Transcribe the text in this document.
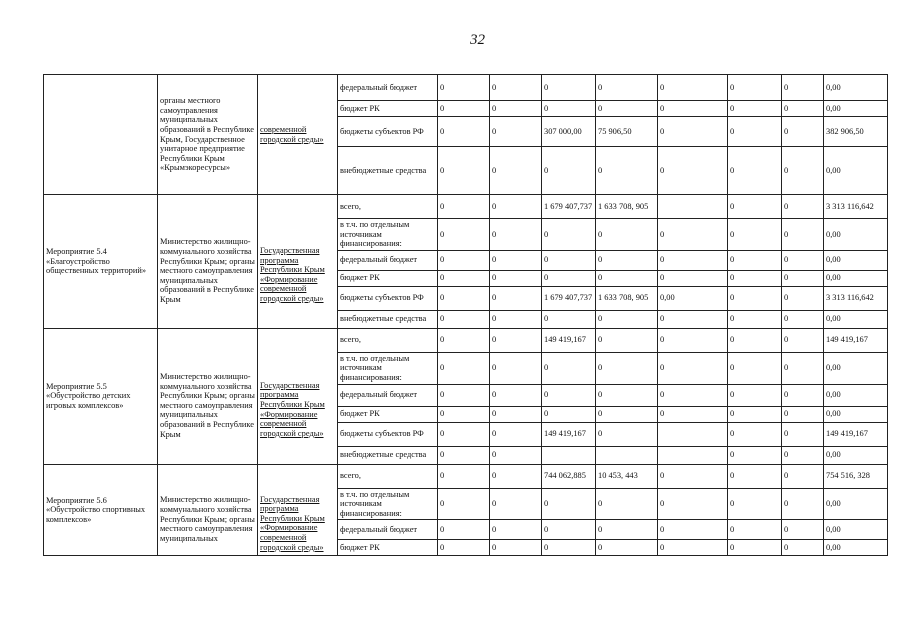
32
	органы местного самоуправления муниципальных образований в Республике Крым, Государственное унитарное предприятие Республики Крым «Крымэкоресурсы»	современной городской среды»	федеральный бюджет	0	0	0	0	0	0	0	0,00
			бюджет РК	0	0	0	0	0	0	0	0,00
			бюджеты субъектов РФ	0	0	307 000,00	75 906,50	0	0	0	382 906,50
			внебюджетные средства	0	0	0	0	0	0	0	0,00
Мероприятие 5.4 «Благоустройство общественных территорий»	Министерство жилищно-коммунального хозяйства Республики Крым; органы местного самоуправления муниципальных образований в Республике Крым	Государственная программа Республики Крым «Формирование современной городской среды»	всего,	0	0	1 679 407,737	1 633 708, 905		0	0	3 313 116,642
			в т.ч. по отдельным источникам финансирования:	0	0	0	0	0	0	0	0,00
			федеральный бюджет	0	0	0	0	0	0	0	0,00
			бюджет РК	0	0	0	0	0	0	0	0,00
			бюджеты субъектов РФ	0	0	1 679 407,737	1 633 708, 905	0,00	0	0	3 313 116,642
			внебюджетные средства	0	0	0	0	0	0	0	0,00
Мероприятие 5.5 «Обустройство детских игровых комплексов»	Министерство жилищно-коммунального хозяйства Республики Крым; органы местного самоуправления муниципальных образований в Республике Крым	Государственная программа Республики Крым «Формирование современной городской среды»	всего,	0	0	149 419,167	0	0	0	0	149 419,167
			в т.ч. по отдельным источникам финансирования:	0	0	0	0	0	0	0	0,00
			федеральный бюджет	0	0	0	0	0	0	0	0,00
			бюджет РК	0	0	0	0	0	0	0	0,00
			бюджеты субъектов РФ	0	0	149 419,167	0		0	0	149 419,167
			внебюджетные средства	0	0				0	0	0,00
Мероприятие 5.6 «Обустройство спортивных комплексов»	Министерство жилищно-коммунального хозяйства Республики Крым; органы местного самоуправления муниципальных	Государственная программа Республики Крым «Формирование современной городской среды»	всего,	0	0	744 062,885	10 453, 443	0	0	0	754 516, 328
			в т.ч. по отдельным источникам финансирования:	0	0	0	0	0	0	0	0,00
			федеральный бюджет	0	0	0	0	0	0	0	0,00
			бюджет РК	0	0	0	0	0	0	0	0,00
